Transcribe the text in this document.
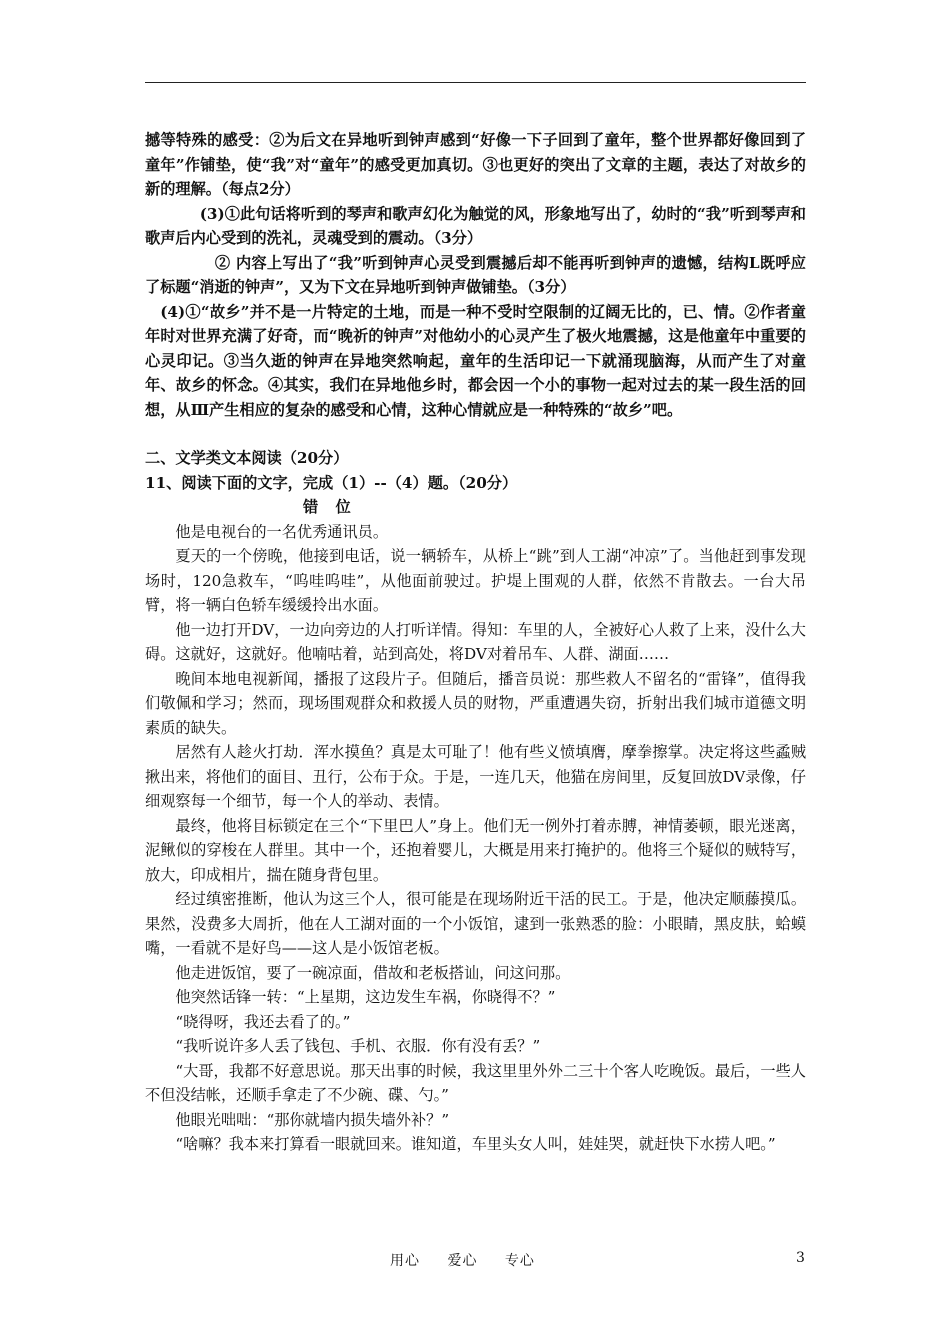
撼等特殊的感受：②为后文在异地听到钟声感到“好像一下子回到了童年，整个世界都好像回到了童年”作铺垫，使“我”对“童年”的感受更加真切。③也更好的突出了文章的主题，表达了对故乡的新的理解。（每点2分）

(3)①此句话将听到的琴声和歌声幻化为触觉的风，形象地写出了，幼时的“我”听到琴声和歌声后内心受到的洗礼，灵魂受到的震动。（3分）

② 内容上写出了“我”听到钟声心灵受到震撼后却不能再听到钟声的遗憾，结构L既呼应了标题“消逝的钟声”，又为下文在异地听到钟声做铺垫。（3分）

(4)①“故乡”并不是一片特定的土地，而是一种不受时空限制的辽阔无比的，已、情。②作者童年时对世界充满了好奇，而“晚祈的钟声”对他幼小的心灵产生了极火地震撼，这是他童年中重要的心灵印记。③当久逝的钟声在异地突然响起，童年的生活印记一下就涌现脑海，从而产生了对童年、故乡的怀念。④其实，我们在异地他乡时，都会因一个小的事物一起对过去的某一段生活的回想，从Ⅲ产生相应的复杂的感受和心情，这种心情就应是一种特殊的“故乡”吧。

二、文学类文本阅读（20分）

11、阅读下面的文字，完成（1）--（4）题。（20分）

错 位

他是电视台的一名优秀通讯员。

夏天的一个傍晚，他接到电话，说一辆轿车，从桥上“跳”到人工湖“冲凉”了。当他赶到事发现场时，120急救车，“呜哇呜哇”，从他面前驶过。护堤上围观的人群，依然不肯散去。一台大吊臂，将一辆白色轿车缓缓拎出水面。

他一边打开DV，一边向旁边的人打听详情。得知：车里的人，全被好心人救了上来，没什么大碍。这就好，这就好。他喃咕着，站到高处，将DV对着吊车、人群、湖面……

晚间本地电视新闻，播报了这段片子。但随后，播音员说：那些救人不留名的“雷锋”，值得我们敬佩和学习；然而，现场围观群众和救援人员的财物，严重遭遇失窃，折射出我们城市道德文明素质的缺失。

居然有人趁火打劫．浑水摸鱼？真是太可耻了！他有些义愤填膺，摩拳擦掌。决定将这些蟊贼揪出来，将他们的面目、丑行，公布于众。于是，一连几天，他猫在房间里，反复回放DV录像，仔细观察每一个细节，每一个人的举动、表情。

最终，他将目标锁定在三个“下里巴人”身上。他们无一例外打着赤膊，神情萎顿，眼光迷离，泥鳅似的穿梭在人群里。其中一个，还抱着婴儿，大概是用来打掩护的。他将三个疑似的贼特写，放大，印成相片，揣在随身背包里。

经过缜密推断，他认为这三个人，很可能是在现场附近干活的民工。于是，他决定顺藤摸瓜。果然，没费多大周折，他在人工湖对面的一个小饭馆，逮到一张熟悉的脸：小眼睛，黑皮肤，蛤蟆嘴，一看就不是好鸟——这人是小饭馆老板。

他走进饭馆，要了一碗凉面，借故和老板搭讪，问这问那。

他突然话锋一转：“上星期，这边发生车祸，你晓得不？”

“晓得呀，我还去看了的。”

“我听说许多人丢了钱包、手机、衣服．你有没有丢？”

“大哥，我都不好意思说。那天出事的时候，我这里里外外二三十个客人吃晚饭。最后，一些人不但没结帐，还顺手拿走了不少碗、碟、勺。”

他眼光咄咄：“那你就墙内损失墙外补？”

“啥嘛？我本来打算看一眼就回来。谁知道，车里头女人叫，娃娃哭，就赶快下水捞人吧。”

用心 爱心 专心	3
